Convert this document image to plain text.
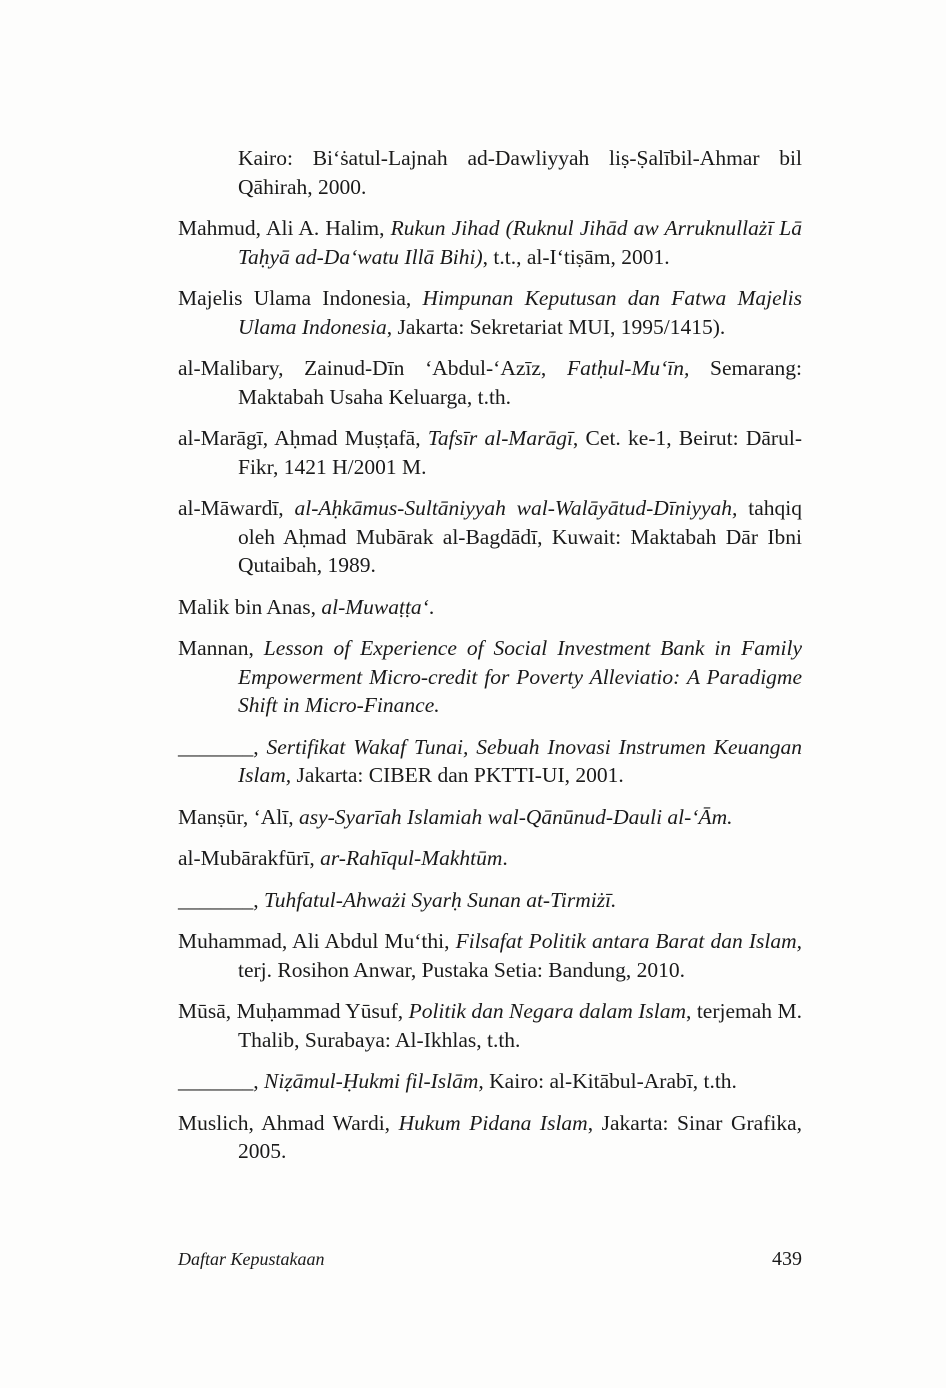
Kairo: Bi‘ṡatul-Lajnah ad-Dawliyyah liṣ-Ṣalībil-Ahmar bil Qāhirah, 2000.

Mahmud, Ali A. Halim, Rukun Jihad (Ruknul Jihād aw Arruknullażī Lā Taḥyā ad-Da‘watu Illā Bihi), t.t., al-I‘tiṣām, 2001.

Majelis Ulama Indonesia, Himpunan Keputusan dan Fatwa Majelis Ulama Indonesia, Jakarta: Sekretariat MUI, 1995/1415).

al-Malibary, Zainud-Dīn ‘Abdul-‘Azīz, Fatḥul-Mu‘īn, Semarang: Maktabah Usaha Keluarga, t.th.

al-Marāgī, Aḥmad Muṣṭafā, Tafsīr al-Marāgī, Cet. ke-1, Beirut: Dārul-Fikr, 1421 H/2001 M.

al-Māwardī, al-Aḥkāmus-Sultāniyyah wal-Walāyātud-Dīniyyah, tahqiq oleh Aḥmad Mubārak al-Bagdādī, Kuwait: Maktabah Dār Ibni Qutaibah, 1989.

Malik bin Anas, al-Muwaṭṭa‘.

Mannan, Lesson of Experience of Social Investment Bank in Family Empowerment Micro-credit for Poverty Alleviatio: A Paradigme Shift in Micro-Finance.

_______, Sertifikat Wakaf Tunai, Sebuah Inovasi Instrumen Keuangan Islam, Jakarta: CIBER dan PKTTI-UI, 2001.

Manṣūr, ‘Alī, asy-Syarīah Islamiah wal-Qānūnud-Dauli al-‘Ām.

al-Mubārakfūrī, ar-Rahīqul-Makhtūm.

_______, Tuhfatul-Ahważi Syarḥ Sunan at-Tirmiżī.

Muhammad, Ali Abdul Mu‘thi, Filsafat Politik antara Barat dan Islam, terj. Rosihon Anwar, Pustaka Setia: Bandung, 2010.

Mūsā, Muḥammad Yūsuf, Politik dan Negara dalam Islam, terjemah M. Thalib, Surabaya: Al-Ikhlas, t.th.

_______, Niẓāmul-Ḥukmi fil-Islām, Kairo: al-Kitābul-Arabī, t.th.

Muslich, Ahmad Wardi, Hukum Pidana Islam, Jakarta: Sinar Grafika, 2005.

Daftar Kepustakaan	439
